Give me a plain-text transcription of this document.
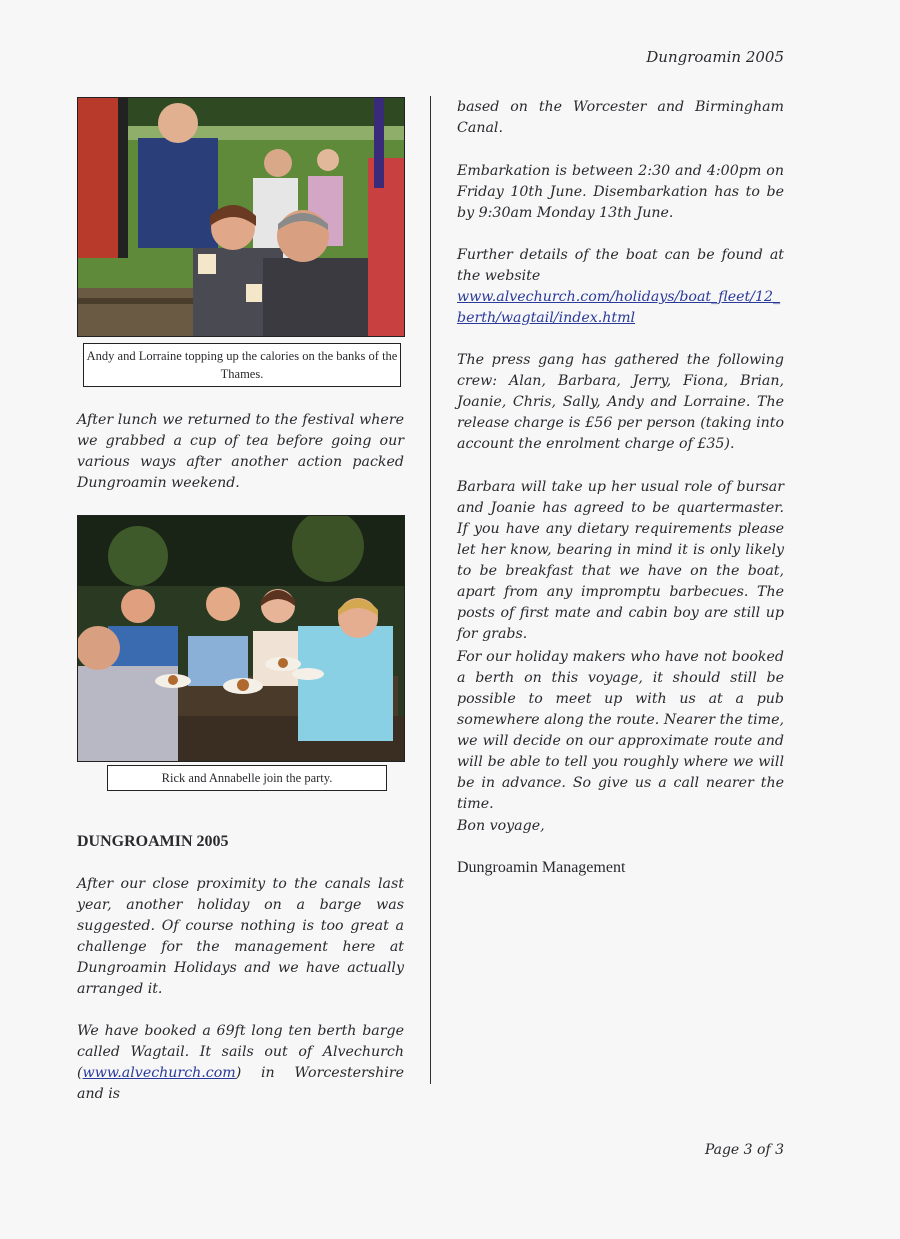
Dungroamin 2005
Andy and Lorraine topping up the calories on the banks of the Thames.

After lunch we returned to the festival where we grabbed a cup of tea before going our various ways after another action packed Dungroamin weekend.

Rick and Annabelle join the party.
DUNGROAMIN 2005

After our close proximity to the canals last year, another holiday on a barge was suggested. Of course nothing is too great a challenge for the management here at Dungroamin Holidays and we have actually arranged it.

We have booked a 69ft long ten berth barge called Wagtail. It sails out of Alvechurch (www.alvechurch.com) in Worcestershire and is

based on the Worcester and Birmingham Canal.

Embarkation is between 2:30 and 4:00pm on Friday 10th June. Disembarkation has to be by 9:30am Monday 13th June.

Further details of the boat can be found at the website
www.alvechurch.com/holidays/boat_fleet/12_berth/wagtail/index.html

The press gang has gathered the following crew: Alan, Barbara, Jerry, Fiona, Brian, Joanie, Chris, Sally, Andy and Lorraine. The release charge is £56 per person (taking into account the enrolment charge of £35).

Barbara will take up her usual role of bursar and Joanie has agreed to be quartermaster. If you have any dietary requirements please let her know, bearing in mind it is only likely to be breakfast that we have on the boat, apart from any impromptu barbecues. The posts of first mate and cabin boy are still up for grabs.

For our holiday makers who have not booked a berth on this voyage, it should still be possible to meet up with us at a pub somewhere along the route. Nearer the time, we will decide on our approximate route and will be able to tell you roughly where we will be in advance. So give us a call nearer the time.

Bon voyage,

Dungroamin Management
Page 3 of 3
